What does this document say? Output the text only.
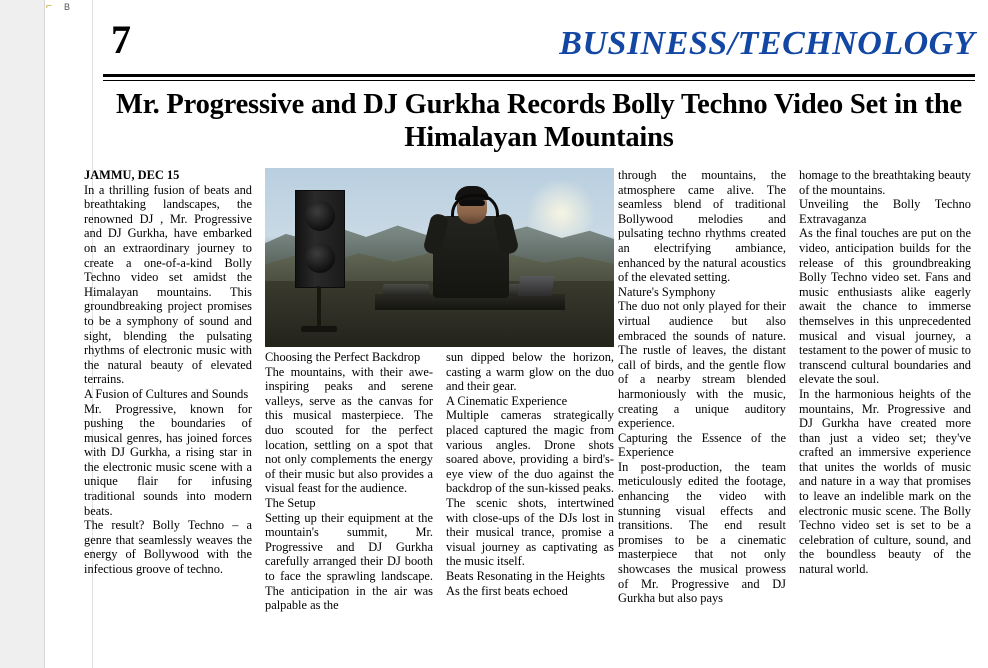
⌐ B
7	BUSINESS/TECHNOLOGY
Mr. Progressive and DJ Gurkha Records Bolly Techno Video Set in the Himalayan Mountains

JAMMU, DEC 15

In a thrilling fusion of beats and breathtaking landscapes, the renowned DJ , Mr. Progressive and DJ Gurkha, have embarked on an extraordinary journey to create a one-of-a-kind Bolly Techno video set amidst the Himalayan mountains. This groundbreaking project promises to be a symphony of sound and sight, blending the pulsating rhythms of electronic music with the natural beauty of elevated terrains.

A Fusion of Cultures and Sounds

Mr. Progressive, known for pushing the boundaries of musical genres, has joined forces with DJ Gurkha, a rising star in the electronic music scene with a unique flair for infusing traditional sounds into modern beats.

The result? Bolly Techno – a genre that seamlessly weaves the energy of Bollywood with the infectious groove of techno.

Choosing the Perfect Backdrop

The mountains, with their awe-inspiring peaks and serene valleys, serve as the canvas for this musical masterpiece. The duo scouted for the perfect location, settling on a spot that not only complements the energy of their music but also provides a visual feast for the audience.

The Setup

Setting up their equipment at the mountain's summit, Mr. Progressive and DJ Gurkha carefully arranged their DJ booth to face the sprawling landscape. The anticipation in the air was palpable as the

sun dipped below the horizon, casting a warm glow on the duo and their gear.

A Cinematic Experience

Multiple cameras strategically placed captured the magic from various angles. Drone shots soared above, providing a bird's-eye view of the duo against the backdrop of the sun-kissed peaks. The scenic shots, intertwined with close-ups of the DJs lost in their musical trance, promise a visual journey as captivating as the music itself.

Beats Resonating in the Heights

As the first beats echoed

through the mountains, the atmosphere came alive. The seamless blend of traditional Bollywood melodies and pulsating techno rhythms created an electrifying ambiance, enhanced by the natural acoustics of the elevated setting.

Nature's Symphony

The duo not only played for their virtual audience but also embraced the sounds of nature. The rustle of leaves, the distant call of birds, and the gentle flow of a nearby stream blended harmoniously with the music, creating a unique auditory experience.

Capturing the Essence of the Experience

In post-production, the team meticulously edited the footage, enhancing the video with stunning visual effects and transitions. The end result promises to be a cinematic masterpiece that not only showcases the musical prowess of Mr. Progressive and DJ Gurkha but also pays

homage to the breathtaking beauty of the mountains.

Unveiling the Bolly Techno Extravaganza

As the final touches are put on the video, anticipation builds for the release of this groundbreaking Bolly Techno video set. Fans and music enthusiasts alike eagerly await the chance to immerse themselves in this unprecedented musical and visual journey, a testament to the power of music to transcend cultural boundaries and elevate the soul.

In the harmonious heights of the mountains, Mr. Progressive and DJ Gurkha have created more than just a video set; they've crafted an immersive experience that unites the worlds of music and nature in a way that promises to leave an indelible mark on the electronic music scene. The Bolly Techno video set is set to be a celebration of culture, sound, and the boundless beauty of the natural world.
